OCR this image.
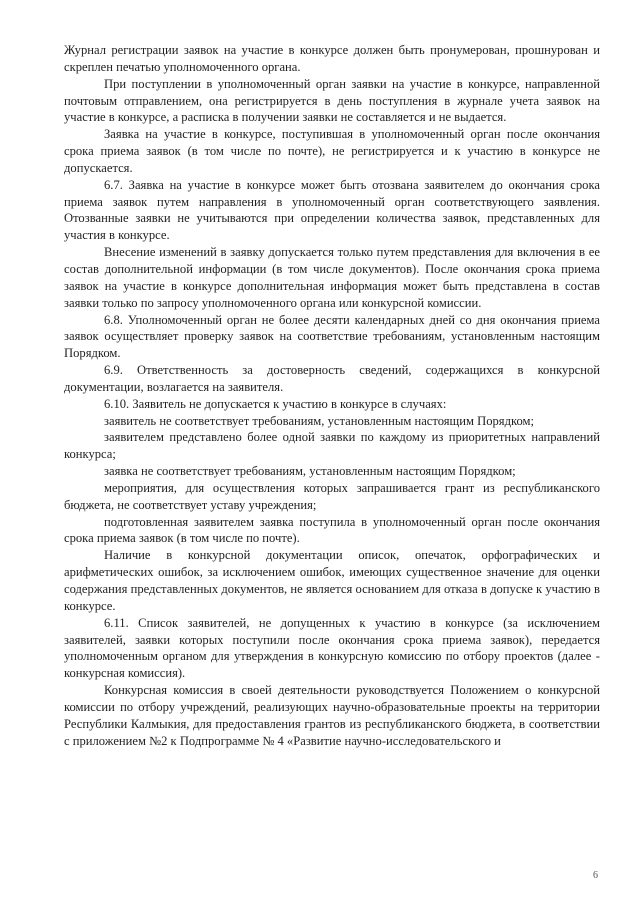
Журнал регистрации заявок на участие в конкурсе должен быть пронумерован, прошнурован и скреплен печатью уполномоченного органа.

При поступлении в уполномоченный орган заявки на участие в конкурсе, направленной почтовым отправлением, она регистрируется в день поступления в журнале учета заявок на участие в конкурсе, а расписка в получении заявки не составляется и не выдается.

Заявка на участие в конкурсе, поступившая в уполномоченный орган после окончания срока приема заявок (в том числе по почте), не регистрируется и к участию в конкурсе не допускается.

6.7. Заявка на участие в конкурсе может быть отозвана заявителем до окончания срока приема заявок путем направления в уполномоченный орган соответствующего заявления. Отозванные заявки не учитываются при определении количества заявок, представленных для участия в конкурсе.

Внесение изменений в заявку допускается только путем представления для включения в ее состав дополнительной информации (в том числе документов). После окончания срока приема заявок на участие в конкурсе дополнительная информация может быть представлена в состав заявки только по запросу уполномоченного органа или конкурсной комиссии.

6.8. Уполномоченный орган не более десяти календарных дней со дня окончания приема заявок осуществляет проверку заявок на соответствие требованиям, установленным настоящим Порядком.

6.9. Ответственность за достоверность сведений, содержащихся в конкурсной документации, возлагается на заявителя.

6.10. Заявитель не допускается к участию в конкурсе в случаях:

заявитель не соответствует требованиям, установленным настоящим Порядком;

заявителем представлено более одной заявки по каждому из приоритетных направлений конкурса;

заявка не соответствует требованиям, установленным настоящим Порядком;

мероприятия, для осуществления которых запрашивается грант из республиканского бюджета, не соответствует уставу учреждения;

подготовленная заявителем заявка поступила в уполномоченный орган после окончания срока приема заявок (в том числе по почте).

Наличие в конкурсной документации описок, опечаток, орфографических и арифметических ошибок, за исключением ошибок, имеющих существенное значение для оценки содержания представленных документов, не является основанием для отказа в допуске к участию в конкурсе.

6.11. Список заявителей, не допущенных к участию в конкурсе (за исключением заявителей, заявки которых поступили после окончания срока приема заявок), передается уполномоченным органом для утверждения в конкурсную комиссию по отбору проектов (далее - конкурсная комиссия).

Конкурсная комиссия в своей деятельности руководствуется Положением о конкурсной комиссии по отбору учреждений, реализующих научно-образовательные проекты на территории Республики Калмыкия, для предоставления грантов из республиканского бюджета, в соответствии с приложением №2 к Подпрограмме № 4 «Развитие научно-исследовательского и

6
